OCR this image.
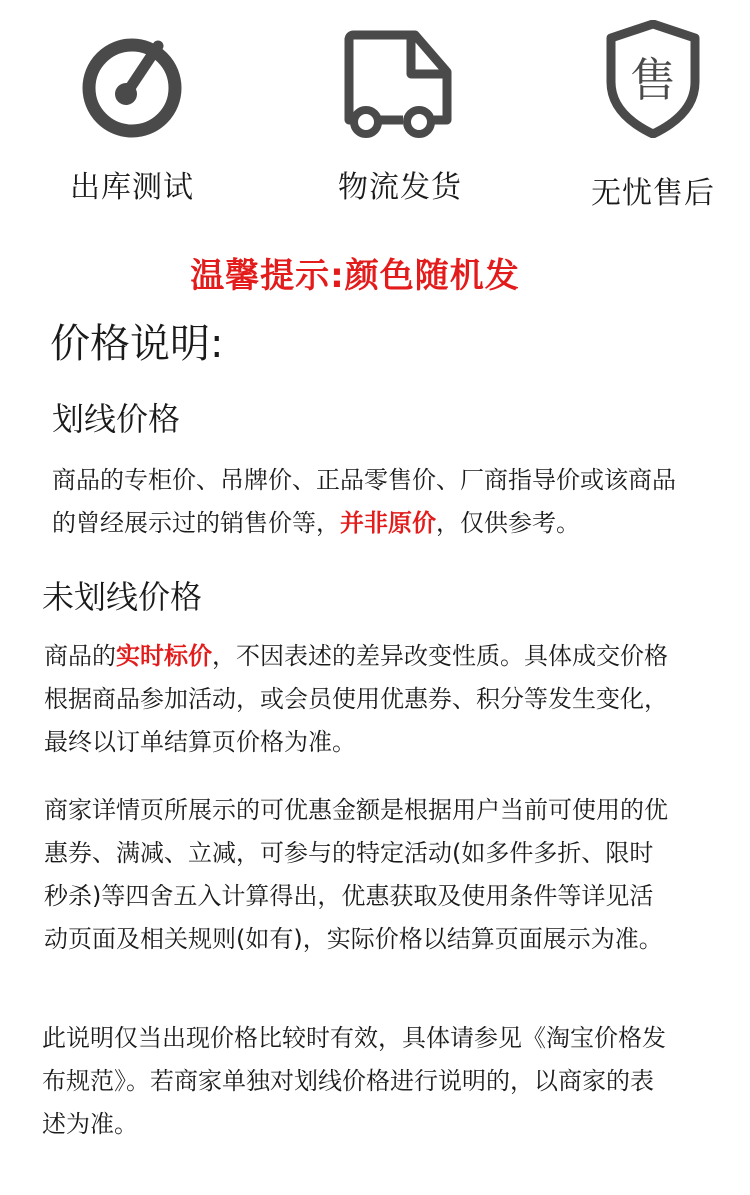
出库测试	物流发货
售
无忧售后
温馨提示:颜色随机发
价格说明:
划线价格
商品的专柜价、吊牌价、正品零售价、厂商指导价或该商品
的曾经展示过的销售价等，并非原价，仅供参考。
未划线价格
商品的实时标价，不因表述的差异改变性质。具体成交价格
根据商品参加活动，或会员使用优惠券、积分等发生变化，
最终以订单结算页价格为准。
商家详情页所展示的可优惠金额是根据用户当前可使用的优
惠券、满减、立减，可参与的特定活动(如多件多折、限时
秒杀)等四舍五入计算得出，优惠获取及使用条件等详见活
动页面及相关规则(如有)，实际价格以结算页面展示为准。
此说明仅当出现价格比较时有效，具体请参见《淘宝价格发
布规范》。若商家单独对划线价格进行说明的，以商家的表
述为准。
